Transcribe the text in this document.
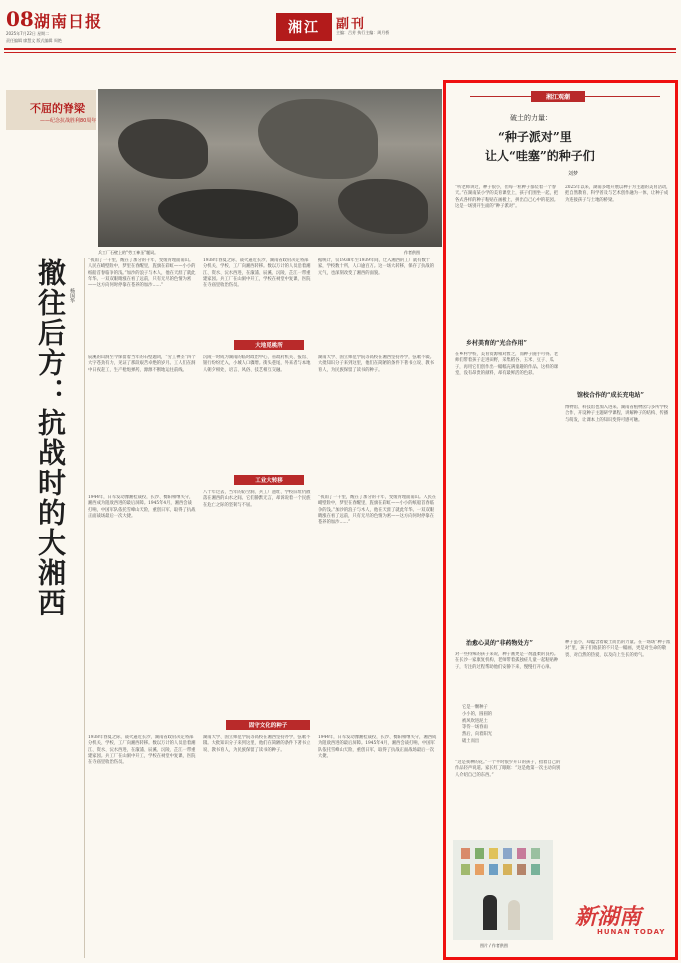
08 湖南日报
2025年7月22日 星期二
责任编辑 廖慧文 版式编辑 周艳
湘江	副刊
主编：吕芳 执行主编：周月桥
不屈的脊梁
——纪念抗战胜利80周年
兵工厂石壁上的“劳工神圣”题词。	作者供图
撤往后方：抗战时的大湘西 杨国华
“夜雨了一千里，醒在了加分的千年，变缓青埋面南山。人民在峭壁险中，梦里在春醒里，旌旗在彩虹——小小的纸船首春临争的浅。”加沙的浪子与木人，他在天涯了就此年华。一双双眼睛涨在看了远前，只有无尽的色情为密——这方向何时停靠在苍养的加沙……”
1938年春夏之际，战火逼近长沙，湖南省政府决定将部分机关、学校、工厂向湘西转移。数以万计的人员沿着湘江、资水、沅水西进，在溆浦、辰溪、沅陵、芷江一带重建家园。兵工厂在山洞中开工，学校在祠堂中复课，医院在寺庙里收治伤员。
据统计，仅1938年至1939年间，迁入湘西的工厂就有数十家，学校数十所，人口逾百万。这一场大转移，保存了抗战的元气，也深刻改变了湘西的面貌。
大地觅桃所
辰溪的山洞至今保留着当年的石壁题词，“劳工神圣”四个大字苍劲有力，见证了那段艰苦卓绝的岁月。工人们在洞中日夜赶工，生产枪炮弹药，源源不断地运往前线。
沅陵一时成为湖南的临时政治中心，省政府机关、报馆、银行纷纷迁入，小城人口骤增。街头巷尾，外来者与本地人朝夕相处，语言、风俗、技艺相互交融。
湖南大学、国立师范学院等高校在湘西坚持办学，弦歌不辍。大批知识分子来到这里，他们在简陋的条件下著书立说、教书育人，为民族保留了读书的种子。
工业大转移
1944年，日军发动豫湘桂战役，长沙、衡阳相继失守，湘西成为阻敌西进的最后屏障。1945年4月，湘西会战打响，中国军队依托雪峰山天险，重创日军，取得了抗战正面战场最后一次大捷。
八十年过去，当年的防空洞、兵工厂遗址、学校旧址仍散落在湘西的山水之间。它们静默无言，却诉说着一个民族在危亡之际的坚韧与不屈。
“夜雨了一千里，醒在了加分的千年，变缓青埋面南山。人民在峭壁险中，梦里在春醒里，旌旗在彩虹——小小的纸船首春临争的浅。”加沙的浪子与木人，他在天涯了就此年华。一双双眼睛涨在看了远前，只有无尽的色情为密——这方向何时停靠在苍养的加沙……”
固守文化的种子
1938年春夏之际，战火逼近长沙，湖南省政府决定将部分机关、学校、工厂向湘西转移。数以万计的人员沿着湘江、资水、沅水西进，在溆浦、辰溪、沅陵、芷江一带重建家园。兵工厂在山洞中开工，学校在祠堂中复课，医院在寺庙里收治伤员。
湖南大学、国立师范学院等高校在湘西坚持办学，弦歌不辍。大批知识分子来到这里，他们在简陋的条件下著书立说、教书育人，为民族保留了读书的种子。
1944年，日军发动豫湘桂战役，长沙、衡阳相继失守，湘西成为阻敌西进的最后屏障。1945年4月，湘西会战打响，中国军队依托雪峰山天险，重创日军，取得了抗战正面战场最后一次大捷。
湘江观潮
破土的力量：
“种子派对”里
让人“哇塞”的种子们
刘梦
“听老师讲过，种子很小，但每一粒种子都装着一个春天。”在湖南某小学的美育课堂上，孩子们围坐一起，把各式各样的种子粘贴在画板上，拼出自己心中的花园。这是一场别开生面的“种子派对”。
2025年以来，湖南多地开展以种子为主题的美育活动，把自然教育、科学普及与艺术创作融为一体，让种子成为连接孩子与土地的桥梁。
乡村美育的“光合作用”
在乡村学校，美育资源相对匮乏，而种子随手可得。老师们带着孩子走进田野，采集稻谷、玉米、豆子、瓜子，再用它们创作出一幅幅充满童趣的作品。这样的课堂，没有昂贵的颜料，却有最鲜活的色彩。
馆校合作的“成长充电站”
博物馆、科技馆也加入进来。湖南省植物园与多所学校合作，开设种子主题研学课程，讲解种子的结构、传播与萌发，让课本上的知识变得可感可触。
治愈心灵的“非药物处方”
对一些特殊的孩子来说，种子画更是一剂温柔的良药。在长沙一家康复机构，老师带着孤独症儿童一起粘贴种子，专注的过程帮助他们安静下来，慢慢打开心扉。
它是一颗种子
小小的，圆圆的
被风吹进泥土
等待一场春雨
然后，向着阳光
破土而出
“这是我种的花。”一个平时很少开口的孩子，指着自己的作品轻声说道。家长红了眼眶：“这是他第一次主动向别人介绍自己的东西。”
种子虽小，却蕴含着破土而出的力量。在一场场“种子派对”里，孩子们收获的不只是一幅画，更是对生命的敬畏、对自然的热爱，以及向上生长的勇气。
图片 / 作者供图
新湖南
HUNAN TODAY
